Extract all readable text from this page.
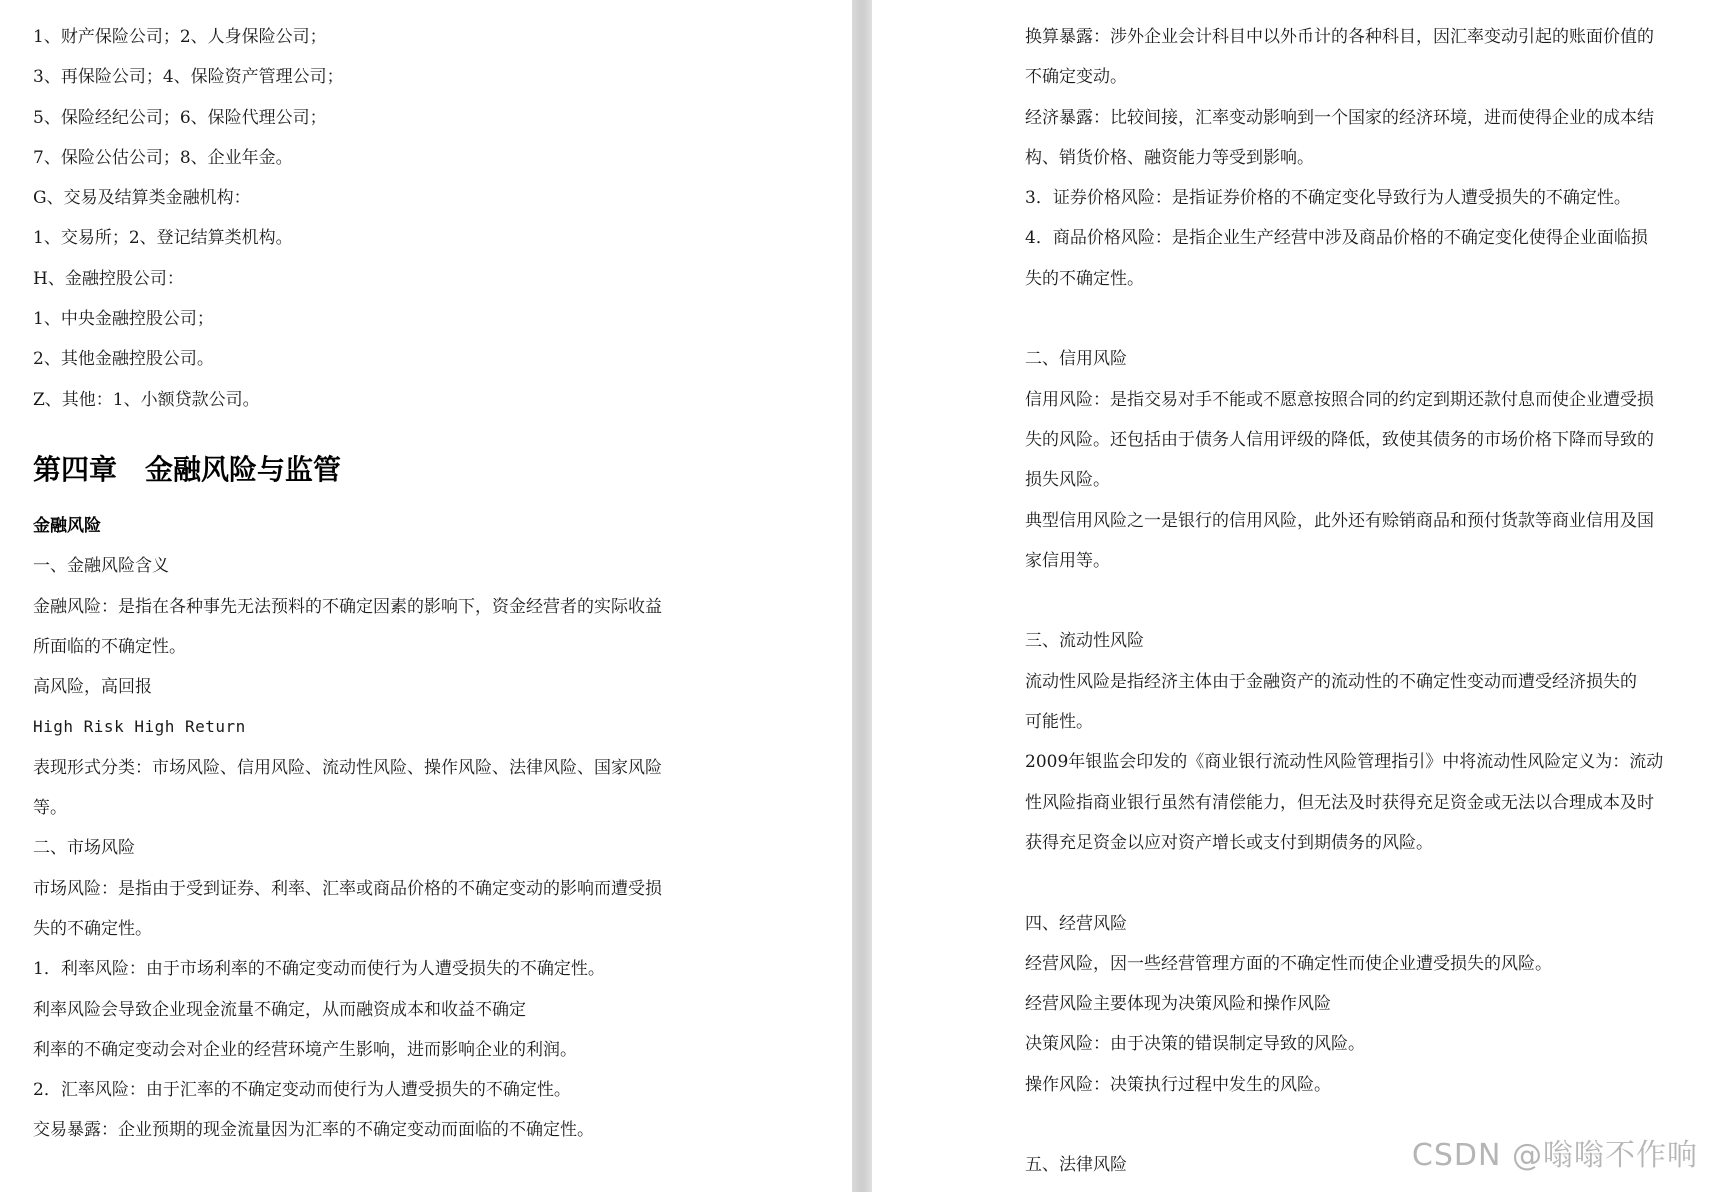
1、财产保险公司；2、人身保险公司；
3、再保险公司；4、保险资产管理公司；
5、保险经纪公司；6、保险代理公司；
7、保险公估公司；8、企业年金。
G、交易及结算类金融机构：
1、交易所；2、登记结算类机构。
H、金融控股公司：
1、中央金融控股公司；
2、其他金融控股公司。
Z、其他：1、小额贷款公司。
第四章　金融风险与监管
金融风险
一、金融风险含义
金融风险：是指在各种事先无法预料的不确定因素的影响下，资金经营者的实际收益
所面临的不确定性。
高风险，高回报
High Risk High Return
表现形式分类：市场风险、信用风险、流动性风险、操作风险、法律风险、国家风险
等。
二、市场风险
市场风险：是指由于受到证券、利率、汇率或商品价格的不确定变动的影响而遭受损
失的不确定性。
1．利率风险：由于市场利率的不确定变动而使行为人遭受损失的不确定性。
利率风险会导致企业现金流量不确定，从而融资成本和收益不确定
利率的不确定变动会对企业的经营环境产生影响，进而影响企业的利润。
2．汇率风险：由于汇率的不确定变动而使行为人遭受损失的不确定性。
交易暴露：企业预期的现金流量因为汇率的不确定变动而面临的不确定性。
换算暴露：涉外企业会计科目中以外币计的各种科目，因汇率变动引起的账面价值的
不确定变动。
经济暴露：比较间接，汇率变动影响到一个国家的经济环境，进而使得企业的成本结
构、销货价格、融资能力等受到影响。
3．证券价格风险：是指证券价格的不确定变化导致行为人遭受损失的不确定性。
4．商品价格风险：是指企业生产经营中涉及商品价格的不确定变化使得企业面临损
失的不确定性。
二、信用风险
信用风险：是指交易对手不能或不愿意按照合同的约定到期还款付息而使企业遭受损
失的风险。还包括由于债务人信用评级的降低，致使其债务的市场价格下降而导致的
损失风险。
典型信用风险之一是银行的信用风险，此外还有赊销商品和预付货款等商业信用及国
家信用等。
三、流动性风险
流动性风险是指经济主体由于金融资产的流动性的不确定性变动而遭受经济损失的
可能性。
2009年银监会印发的《商业银行流动性风险管理指引》中将流动性风险定义为：流动
性风险指商业银行虽然有清偿能力，但无法及时获得充足资金或无法以合理成本及时
获得充足资金以应对资产增长或支付到期债务的风险。
四、经营风险
经营风险，因一些经营管理方面的不确定性而使企业遭受损失的风险。
经营风险主要体现为决策风险和操作风险
决策风险：由于决策的错误制定导致的风险。
操作风险：决策执行过程中发生的风险。
五、法律风险	CSDN @嗡嗡不作响
